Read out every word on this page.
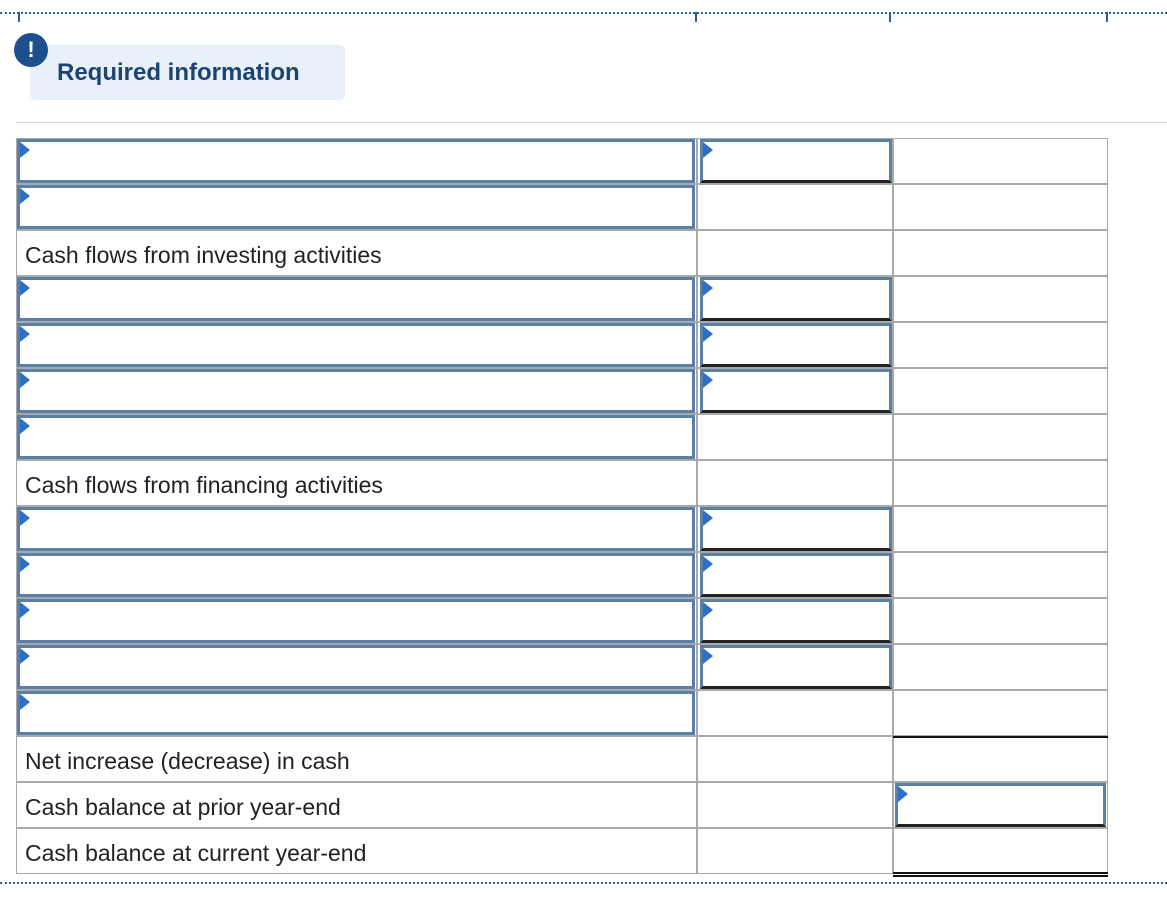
Required information
!
Cash flows from investing activities
Cash flows from financing activities
Net increase (decrease) in cash
Cash balance at prior year-end
Cash balance at current year-end
